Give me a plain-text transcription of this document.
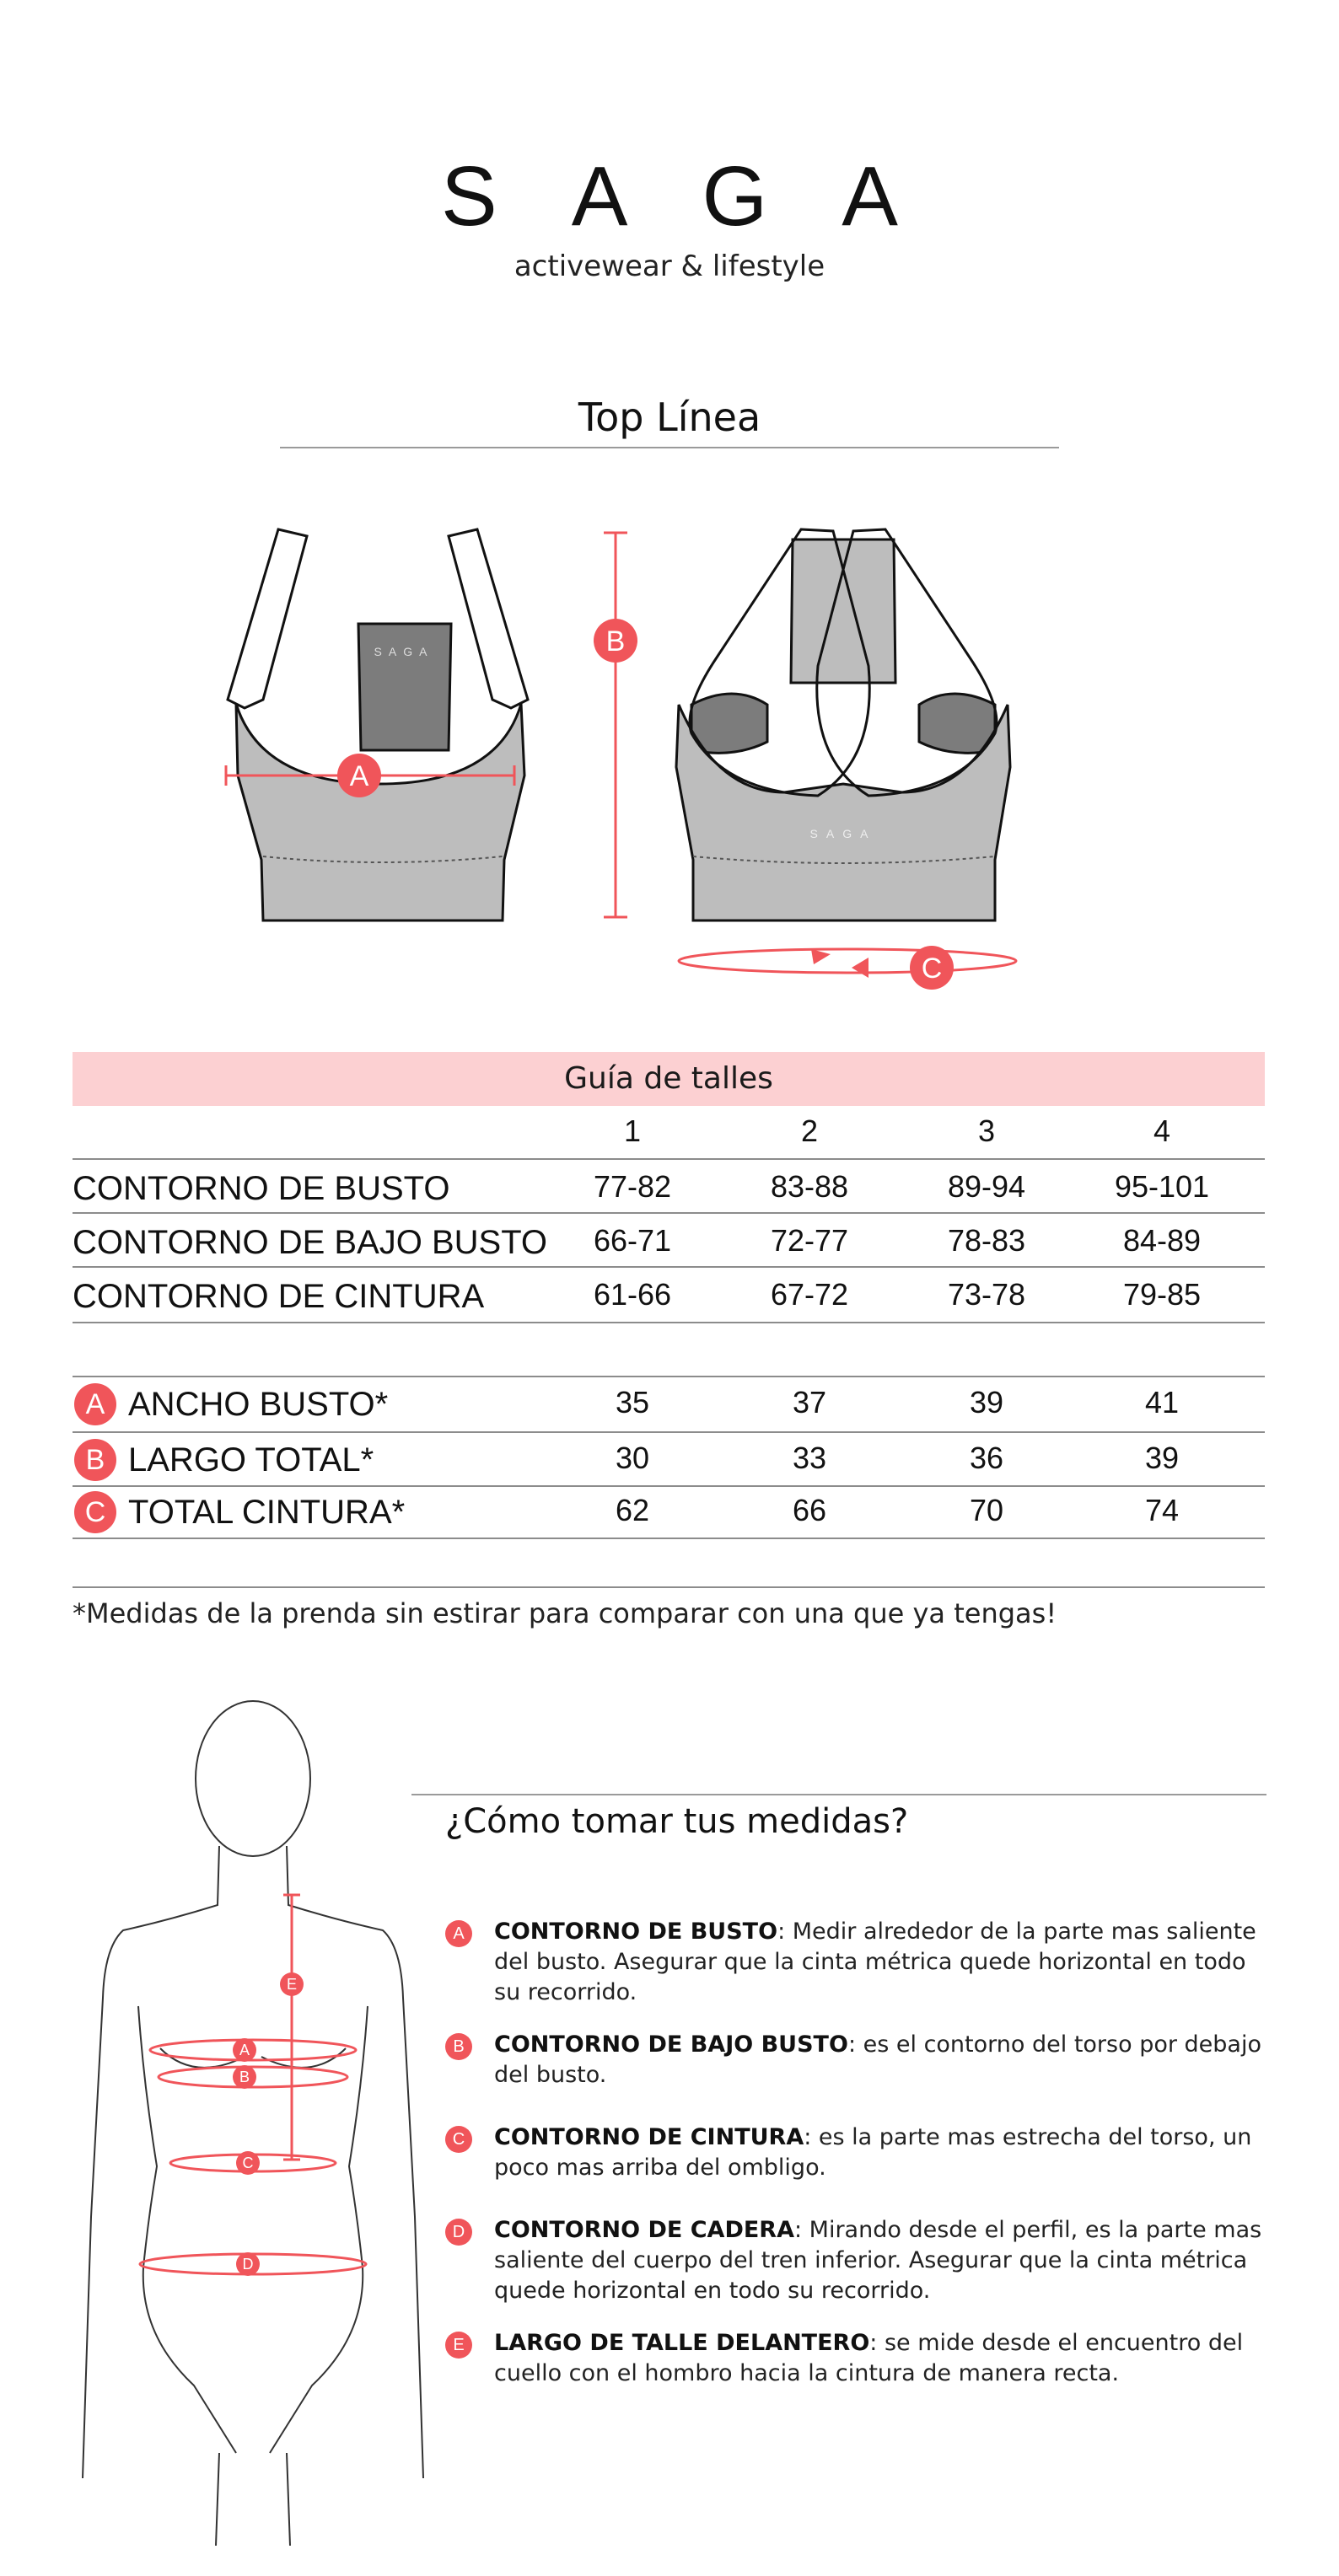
SAGA
activewear & lifestyle
Top Línea
SAGA
A
B
SAGA
C
Guía de talles
1	2	3	4
CONTORNO DE BUSTO	77-82	83-88	89-94	95-101
CONTORNO DE BAJO BUSTO	66-71	72-77	78-83	84-89
CONTORNO DE CINTURA	61-66	67-72	73-78	79-85
A ANCHO BUSTO*	35	37	39	41
B LARGO TOTAL*	30	33	36	39
C TOTAL CINTURA*	62	66	70	74
*Medidas de la prenda sin estirar para comparar con una que ya tengas!
A
B
C
D
E
¿Cómo tomar tus medidas?
A	CONTORNO DE BUSTO: Medir alrededor de la parte mas saliente del busto. Asegurar que la cinta métrica quede horizontal en todo su recorrido.
B	CONTORNO DE BAJO BUSTO: es el contorno del torso por debajo del busto.
C	CONTORNO DE CINTURA: es la parte mas estrecha del torso, un poco mas arriba del ombligo.
D	CONTORNO DE CADERA: Mirando desde el perfil, es la parte mas saliente del cuerpo del tren inferior. Asegurar que la cinta métrica quede horizontal en todo su recorrido.
E	LARGO DE TALLE DELANTERO: se mide desde el encuentro del cuello con el hombro hacia la cintura de manera recta.
